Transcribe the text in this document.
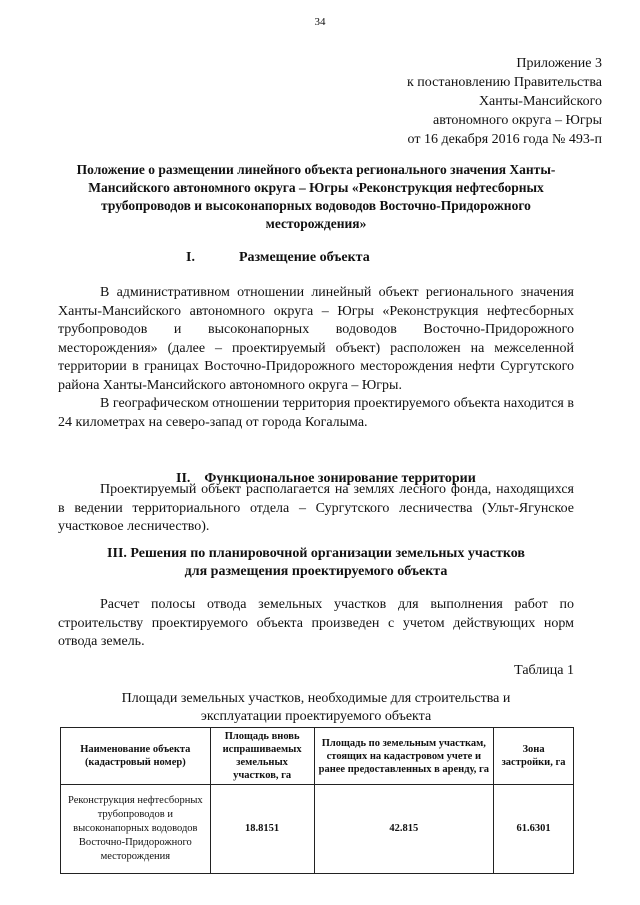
34
Приложение 3
к постановлению Правительства
Ханты-Мансийского
автономного округа – Югры
от 16 декабря 2016 года № 493-п
Положение о размещении линейного объекта регионального значения Ханты-Мансийского автономного округа – Югры «Реконструкция нефтесборных трубопроводов и высоконапорных водоводов Восточно-Придорожного месторождения»
I.	Размещение объекта
В административном отношении линейный объект регионального значения Ханты-Мансийского автономного округа – Югры «Реконструкция нефтесборных трубопроводов и высоконапорных водоводов Восточно-Придорожного месторождения» (далее – проектируемый объект) расположен на межселенной территории в границах Восточно-Придорожного месторождения нефти Сургутского района Ханты-Мансийского автономного округа – Югры.
В географическом отношении территория проектируемого объекта находится в 24 километрах на северо-запад от города Когалыма.
II. Функциональное зонирование территории
Проектируемый объект располагается на землях лесного фонда, находящихся в ведении территориального отдела – Сургутского лесничества (Ульт-Ягунское участковое лесничество).
III. Решения по планировочной организации земельных участков
для размещения проектируемого объекта
Расчет полосы отвода земельных участков для выполнения работ по строительству проектируемого объекта произведен с учетом действующих норм отвода земель.
Таблица 1
Площади земельных участков, необходимые для строительства и
эксплуатации проектируемого объекта
Наименование объекта (кадастровый номер)	Площадь вновь испрашиваемых земельных участков, га	Площадь по земельным участкам, стоящих на кадастровом учете и ранее предоставленных в аренду, га	Зона застройки, га
Реконструкция нефтесборных трубопроводов и высоконапорных водоводов Восточно-Придорожного месторождения	18.8151	42.815	61.6301
